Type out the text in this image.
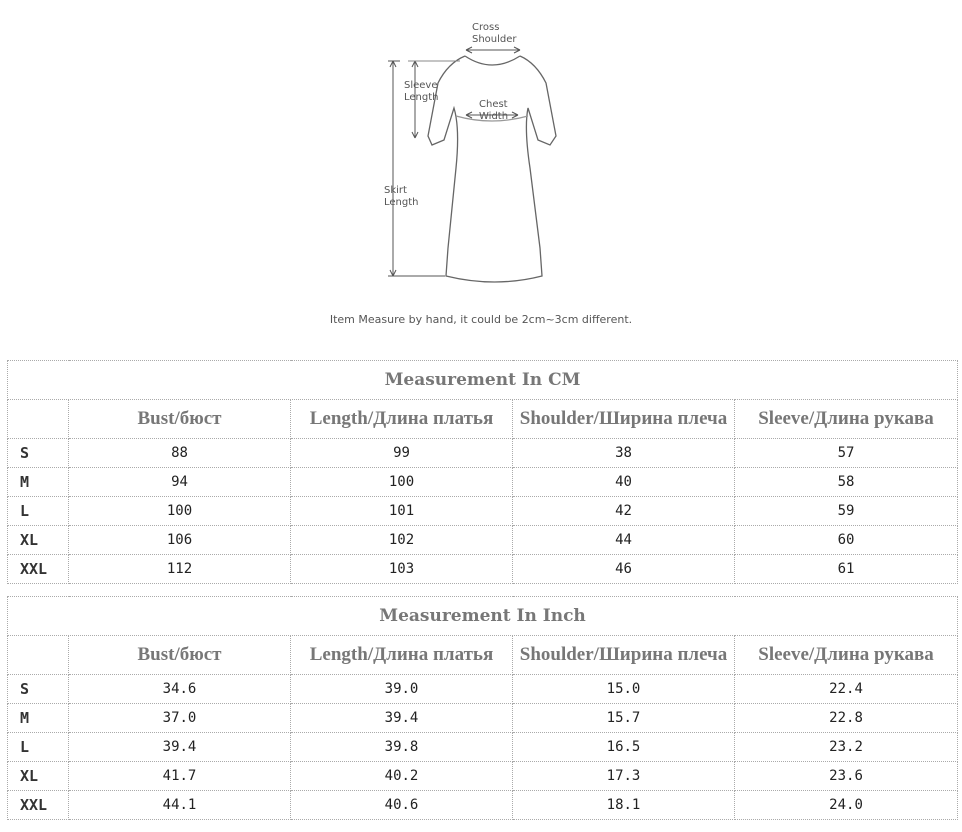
Cross
Shoulder
Sleeve
Length
Chest
Width
Skirt
Length
Item Measure by hand, it could be 2cm~3cm different.
Measurement In CM				
	Bust/бюст	Length/Длина платья	Shoulder/Ширина плеча	Sleeve/Длина рукава
S	88	99	38	57
M	94	100	40	58
L	100	101	42	59
XL	106	102	44	60
XXL	112	103	46	61
Measurement In Inch				
	Bust/бюст	Length/Длина платья	Shoulder/Ширина плеча	Sleeve/Длина рукава
S	34.6	39.0	15.0	22.4
M	37.0	39.4	15.7	22.8
L	39.4	39.8	16.5	23.2
XL	41.7	40.2	17.3	23.6
XXL	44.1	40.6	18.1	24.0
